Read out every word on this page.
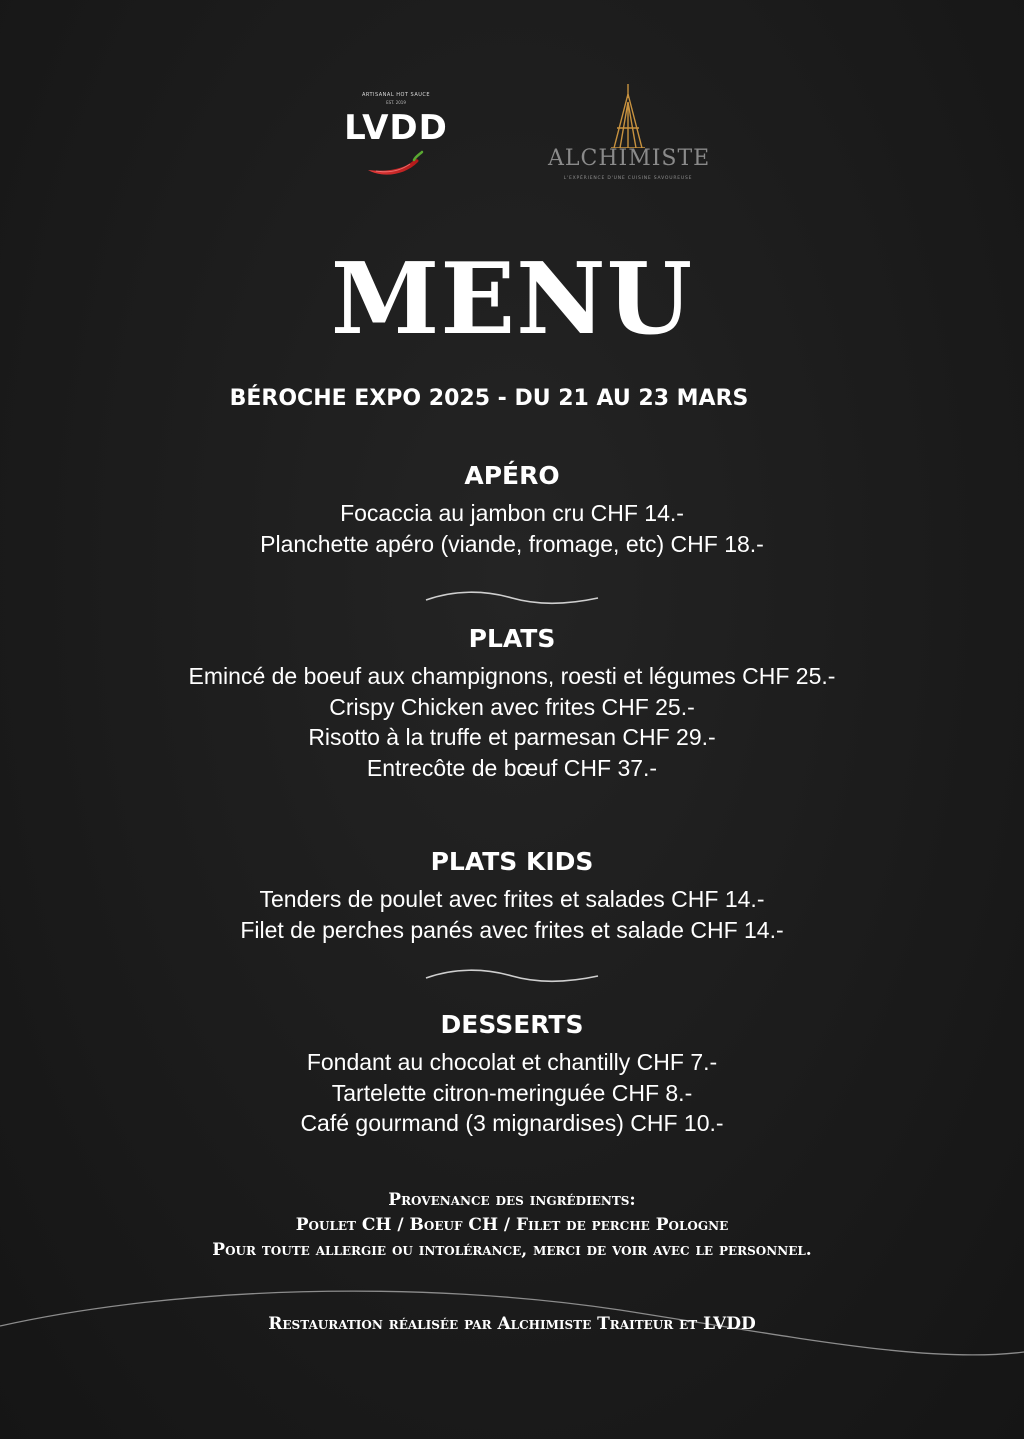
ARTISANAL HOT SAUCE
EST. 2019
LVDD
ALCHIMISTE
L'EXPÉRIENCE D'UNE CUISINE SAVOUREUSE
MENU
BÉROCHE EXPO 2025 - DU 21 AU 23 MARS
APÉRO
Focaccia au jambon cru CHF 14.-
Planchette apéro (viande, fromage, etc) CHF 18.-
PLATS
Emincé de boeuf aux champignons, roesti et légumes CHF 25.-
Crispy Chicken avec frites CHF 25.-
Risotto à la truffe et parmesan CHF 29.-
Entrecôte de bœuf CHF 37.-
PLATS KIDS
Tenders de poulet avec frites et salades CHF 14.-
Filet de perches panés avec frites et salade CHF 14.-
DESSERTS
Fondant au chocolat et chantilly CHF 7.-
Tartelette citron-meringuée CHF 8.-
Café gourmand (3 mignardises) CHF 10.-
Provenance des ingrédients:
Poulet CH / Boeuf CH / Filet de perche Pologne
Pour toute allergie ou intolérance, merci de voir avec le personnel.
Restauration réalisée par Alchimiste Traiteur et LVDD
